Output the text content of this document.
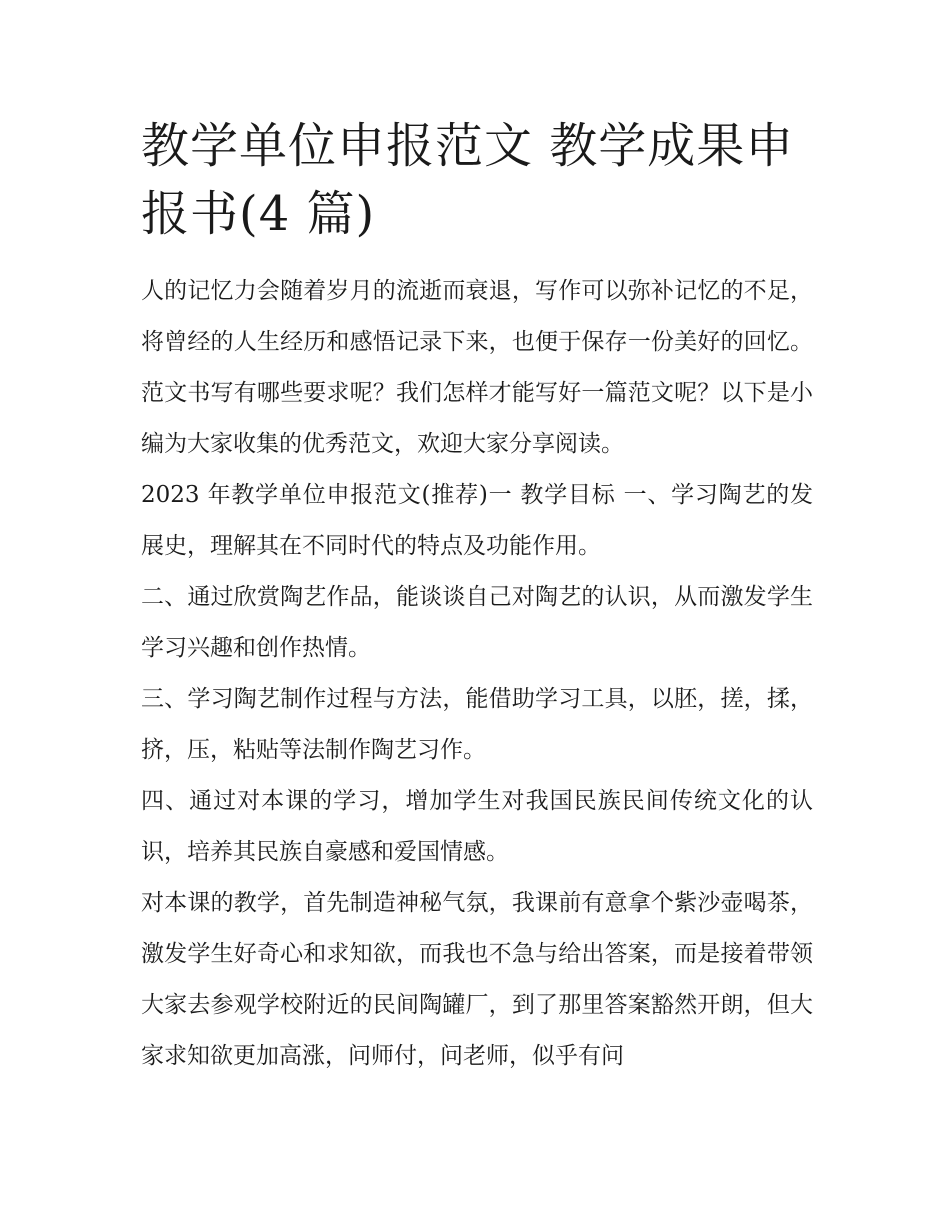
教学单位申报范文 教学成果申报书(4 篇)

人的记忆力会随着岁月的流逝而衰退，写作可以弥补记忆的不足，将曾经的人生经历和感悟记录下来，也便于保存一份美好的回忆。范文书写有哪些要求呢？我们怎样才能写好一篇范文呢？以下是小编为大家收集的优秀范文，欢迎大家分享阅读。

2023 年教学单位申报范文(推荐)一 教学目标 一、学习陶艺的发展史，理解其在不同时代的特点及功能作用。

二、通过欣赏陶艺作品，能谈谈自己对陶艺的认识，从而激发学生学习兴趣和创作热情。

三、学习陶艺制作过程与方法，能借助学习工具，以胚，搓，揉，挤，压，粘贴等法制作陶艺习作。

四、通过对本课的学习，增加学生对我国民族民间传统文化的认识，培养其民族自豪感和爱国情感。

对本课的教学，首先制造神秘气氛，我课前有意拿个紫沙壶喝茶，激发学生好奇心和求知欲，而我也不急与给出答案，而是接着带领大家去参观学校附近的民间陶罐厂，到了那里答案豁然开朗，但大家求知欲更加高涨，问师付，问老师，似乎有问
